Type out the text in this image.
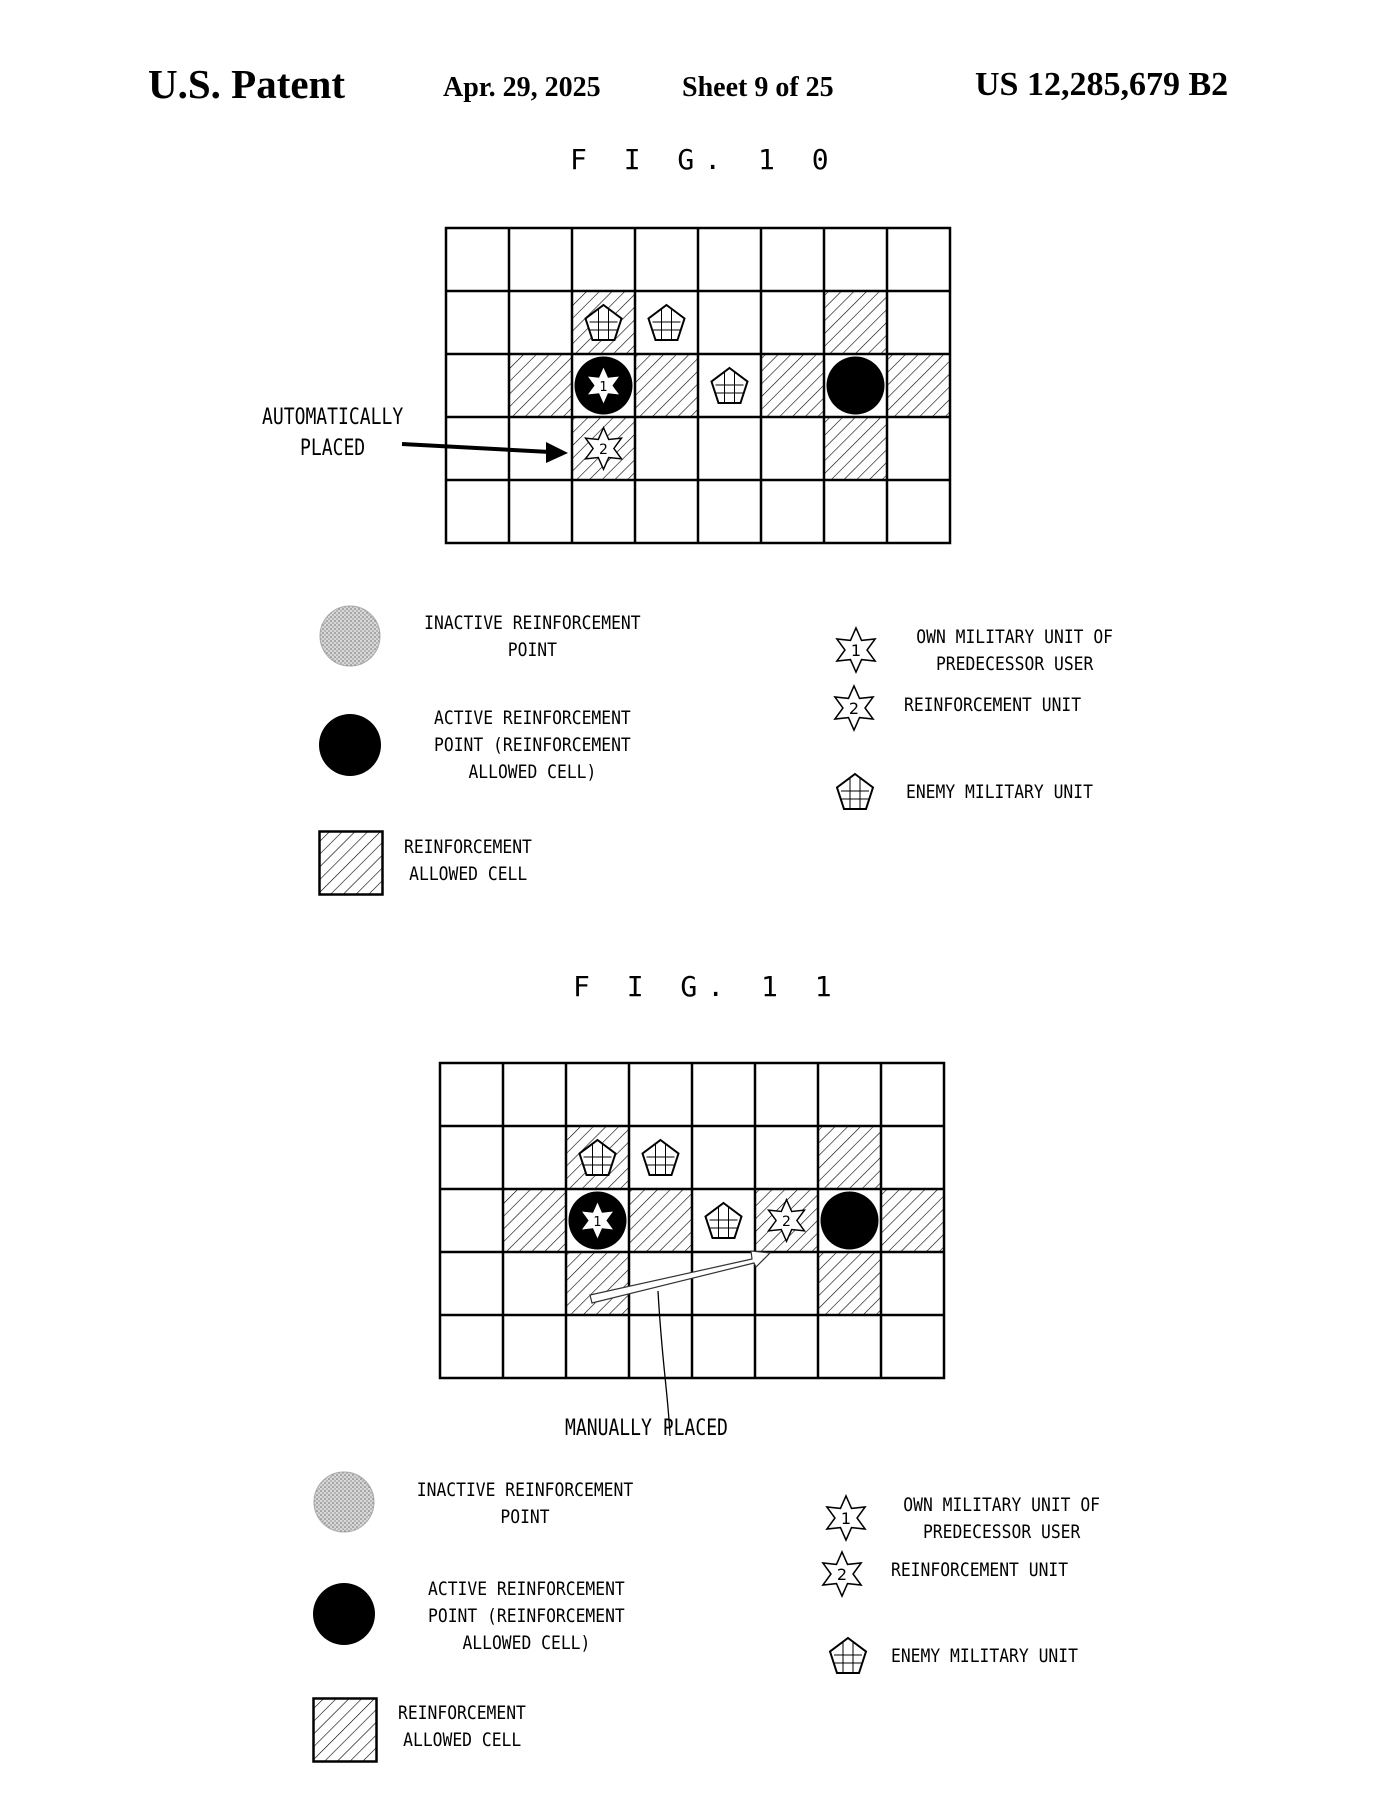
U.S. Patent	Apr. 29, 2025	Sheet 9 of 25	US 12,285,679 B2
F I G. 1 0
1
2
AUTOMATICALLY
PLACED
INACTIVE REINFORCEMENT
POINT
ACTIVE REINFORCEMENT
POINT (REINFORCEMENT
ALLOWED CELL)
REINFORCEMENT
ALLOWED CELL
1
OWN MILITARY UNIT OF
PREDECESSOR USER
2 REINFORCEMENT UNIT
ENEMY MILITARY UNIT
F I G. 1 1
1	2
MANUALLY PLACED
INACTIVE REINFORCEMENT
POINT
ACTIVE REINFORCEMENT
POINT (REINFORCEMENT
ALLOWED CELL)
REINFORCEMENT
ALLOWED CELL
1
OWN MILITARY UNIT OF
PREDECESSOR USER
2 REINFORCEMENT UNIT
ENEMY MILITARY UNIT
